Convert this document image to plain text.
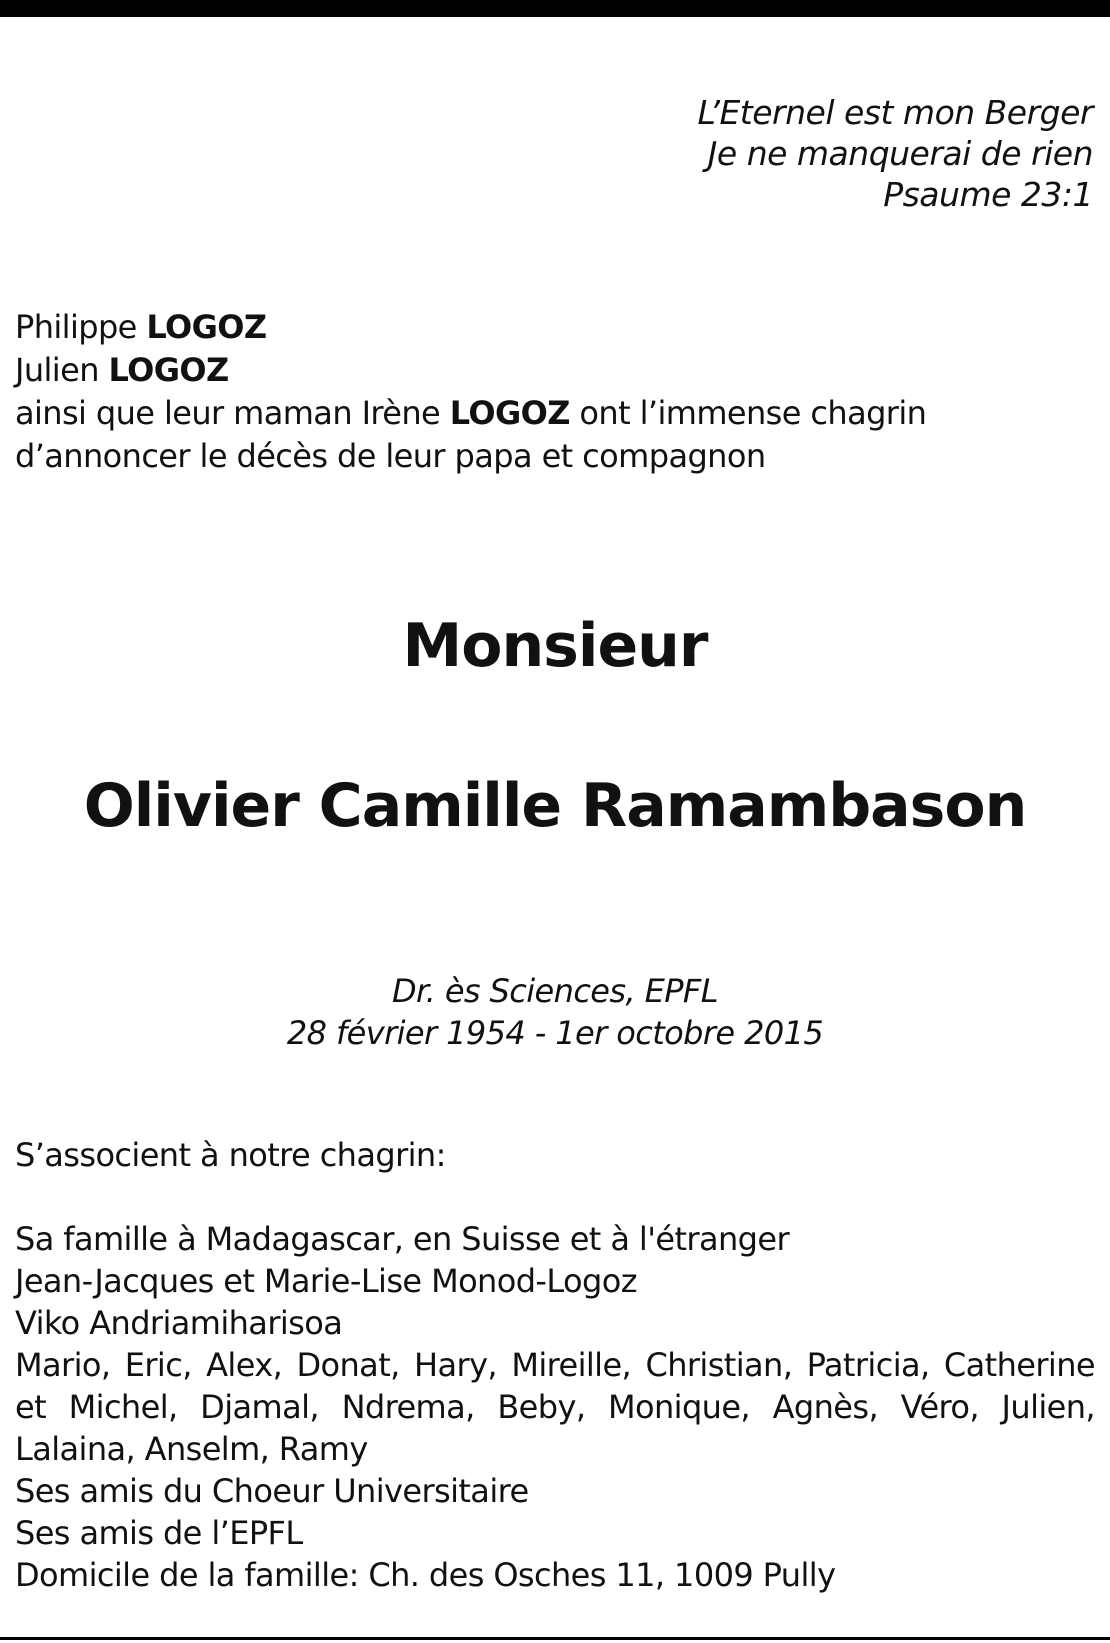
L’Eternel est mon Berger
Je ne manquerai de rien
Psaume 23:1
Philippe LOGOZ
Julien LOGOZ
ainsi que leur maman Irène LOGOZ ont l’immense chagrin d’annoncer le décès de leur papa et compagnon
Monsieur
Olivier Camille Ramambason
Dr. ès Sciences, EPFL
28 février 1954 - 1er octobre 2015
S’associent à notre chagrin:
Sa famille à Madagascar, en Suisse et à l'étranger
Jean-Jacques et Marie-Lise Monod-Logoz
Viko Andriamiharisoa
Mario, Eric, Alex, Donat, Hary, Mireille, Christian, Patricia, Catherine et Michel, Djamal, Ndrema, Beby, Monique, Agnès, Véro, Julien, Lalaina, Anselm, Ramy
Ses amis du Choeur Universitaire
Ses amis de l’EPFL
Domicile de la famille: Ch. des Osches 11, 1009 Pully
